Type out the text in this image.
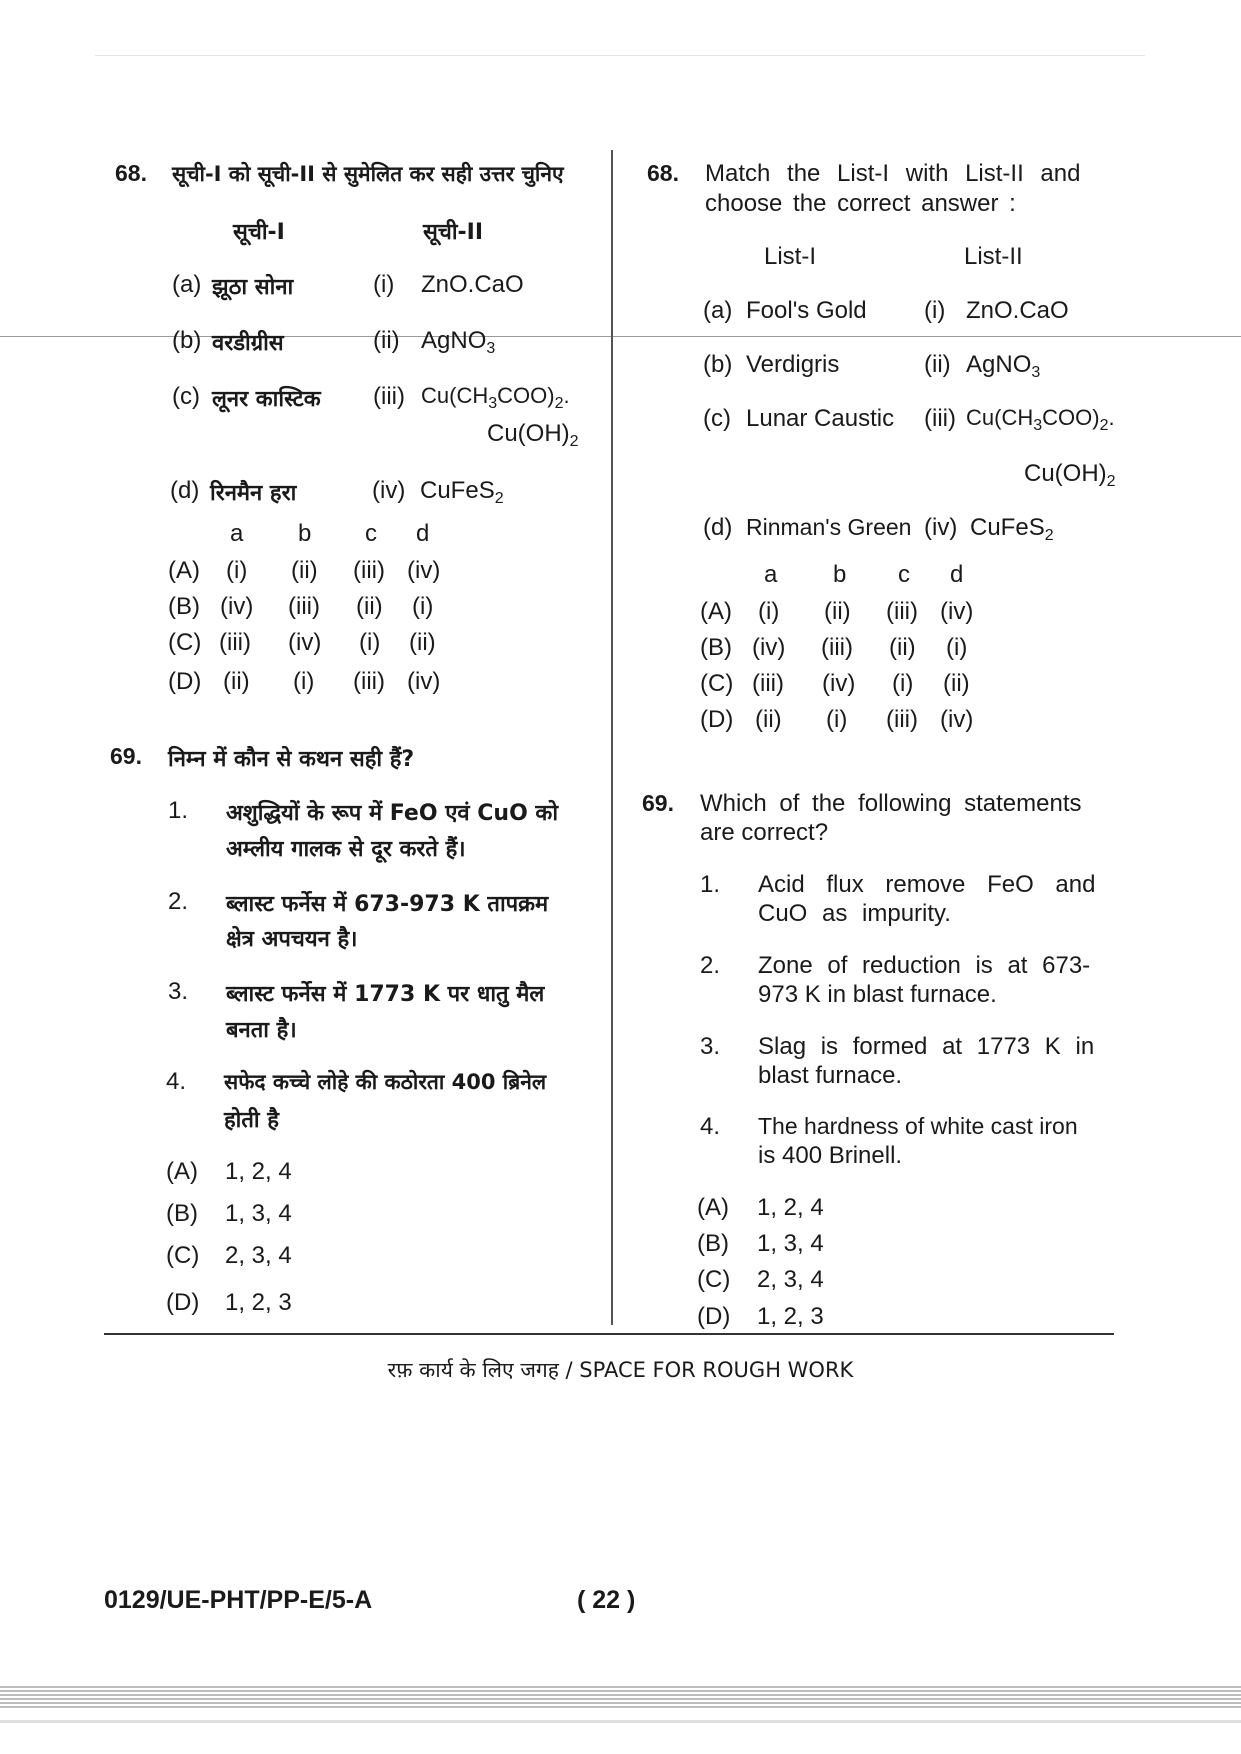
68. सूची-I को सूची-II से सुमेलित कर सही उत्तर चुनिए
सूची-I	सूची-II
(a) झूठा सोना	(i) ZnO.CaO
(b) वरडीग्रीस	(ii) AgNO$_3$
(c) लूनर कास्टिक (iii) $Cu(CH_3COO)_2$.
$Cu(OH)_2$
(d) रिनमैन हरा	(iv) CuFeS$_2$
a b c d
(A) (i) (ii) (iii) (iv)
(B) (iv) (iii) (ii) (i)
(C) (iii) (iv) (i) (ii)
(D) (ii) (i) (iii) (iv)
69. निम्न में कौन से कथन सही हैं?
1. अशुद्धियों के रूप में FeO एवं CuO को
अम्लीय गालक से दूर करते हैं।
2. ब्लास्ट फर्नेस में 673-973 K तापक्रम
क्षेत्र अपचयन है।
3. ब्लास्ट फर्नेस में 1773 K पर धातु मैल
बनता है।
4. सफेद कच्चे लोहे की कठोरता 400 ब्रिनेल
होती है
(A) 1, 2, 4
(B) 1, 3, 4
(C) 2, 3, 4
(D) 1, 2, 3
68. Match the List-I with List-II and
choose the correct answer :
List-I	List-II
(a) Fool's Gold (i) ZnO.CaO
(b) Verdigris	(ii) AgNO$_3$
(c) Lunar Caustic (iii) $Cu(CH_3COO)_2$.
$Cu(OH)_2$
(d) Rinman's Green (iv) CuFeS$_2$
a b c d
(A) (i) (ii) (iii) (iv)
(B) (iv) (iii) (ii) (i)
(C) (iii) (iv) (i) (ii)
(D) (ii) (i) (iii) (iv)
69. Which of the following statements
are correct?
1. Acid flux remove FeO and
CuO as impurity.
2. Zone of reduction is at 673-
973 K in blast furnace.
3. Slag is formed at 1773 K in
blast furnace.
4. The hardness of white cast iron
is 400 Brinell.
(A) 1, 2, 4
(B) 1, 3, 4
(C) 2, 3, 4
(D) 1, 2, 3
रफ़ कार्य के लिए जगह / SPACE FOR ROUGH WORK
0129/UE-PHT/PP-E/5-A	( 22 )
